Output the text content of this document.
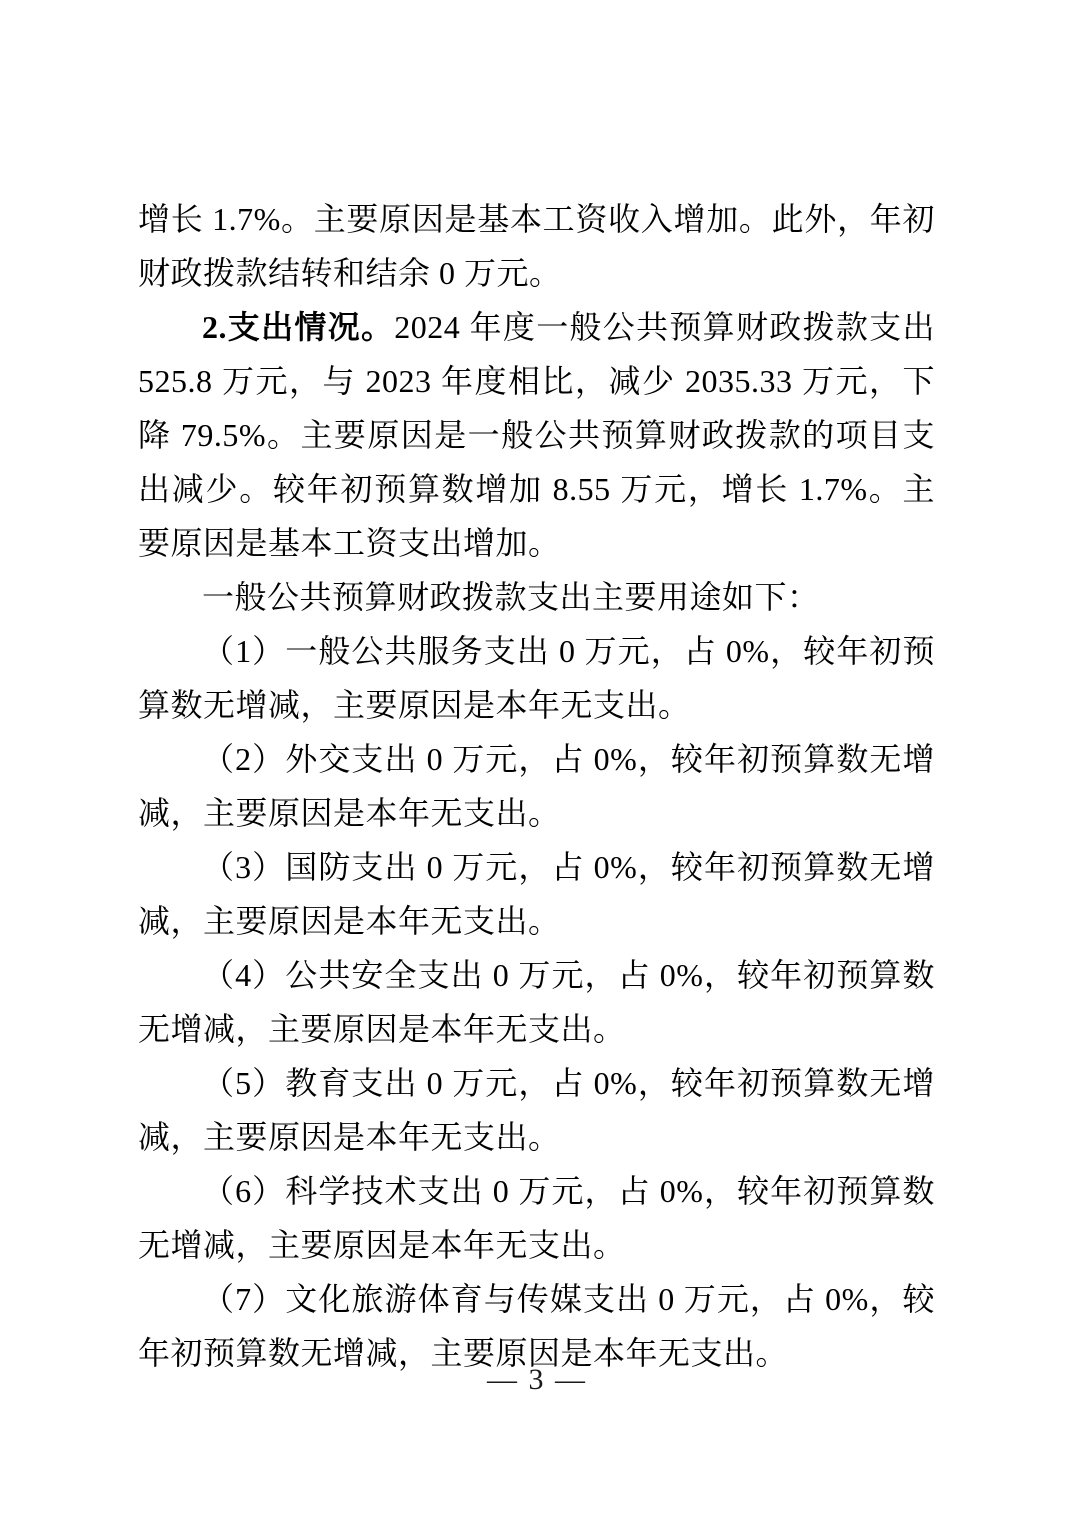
增长 1.7%。主要原因是基本工资收入增加。此外，年初财政拨款结转和结余 0 万元。

2.支出情况。2024 年度一般公共预算财政拨款支出 525.8 万元，与 2023 年度相比，减少 2035.33 万元，下降 79.5%。主要原因是一般公共预算财政拨款的项目支出减少。较年初预算数增加 8.55 万元，增长 1.7%。主要原因是基本工资支出增加。

一般公共预算财政拨款支出主要用途如下：

（1）一般公共服务支出 0 万元，占 0%，较年初预算数无增减，主要原因是本年无支出。

（2）外交支出 0 万元，占 0%，较年初预算数无增减，主要原因是本年无支出。

（3）国防支出 0 万元，占 0%，较年初预算数无增减，主要原因是本年无支出。

（4）公共安全支出 0 万元，占 0%，较年初预算数无增减，主要原因是本年无支出。

（5）教育支出 0 万元，占 0%，较年初预算数无增减，主要原因是本年无支出。

（6）科学技术支出 0 万元，占 0%，较年初预算数无增减，主要原因是本年无支出。

（7）文化旅游体育与传媒支出 0 万元，占 0%，较年初预算数无增减，主要原因是本年无支出。

— 3 —
